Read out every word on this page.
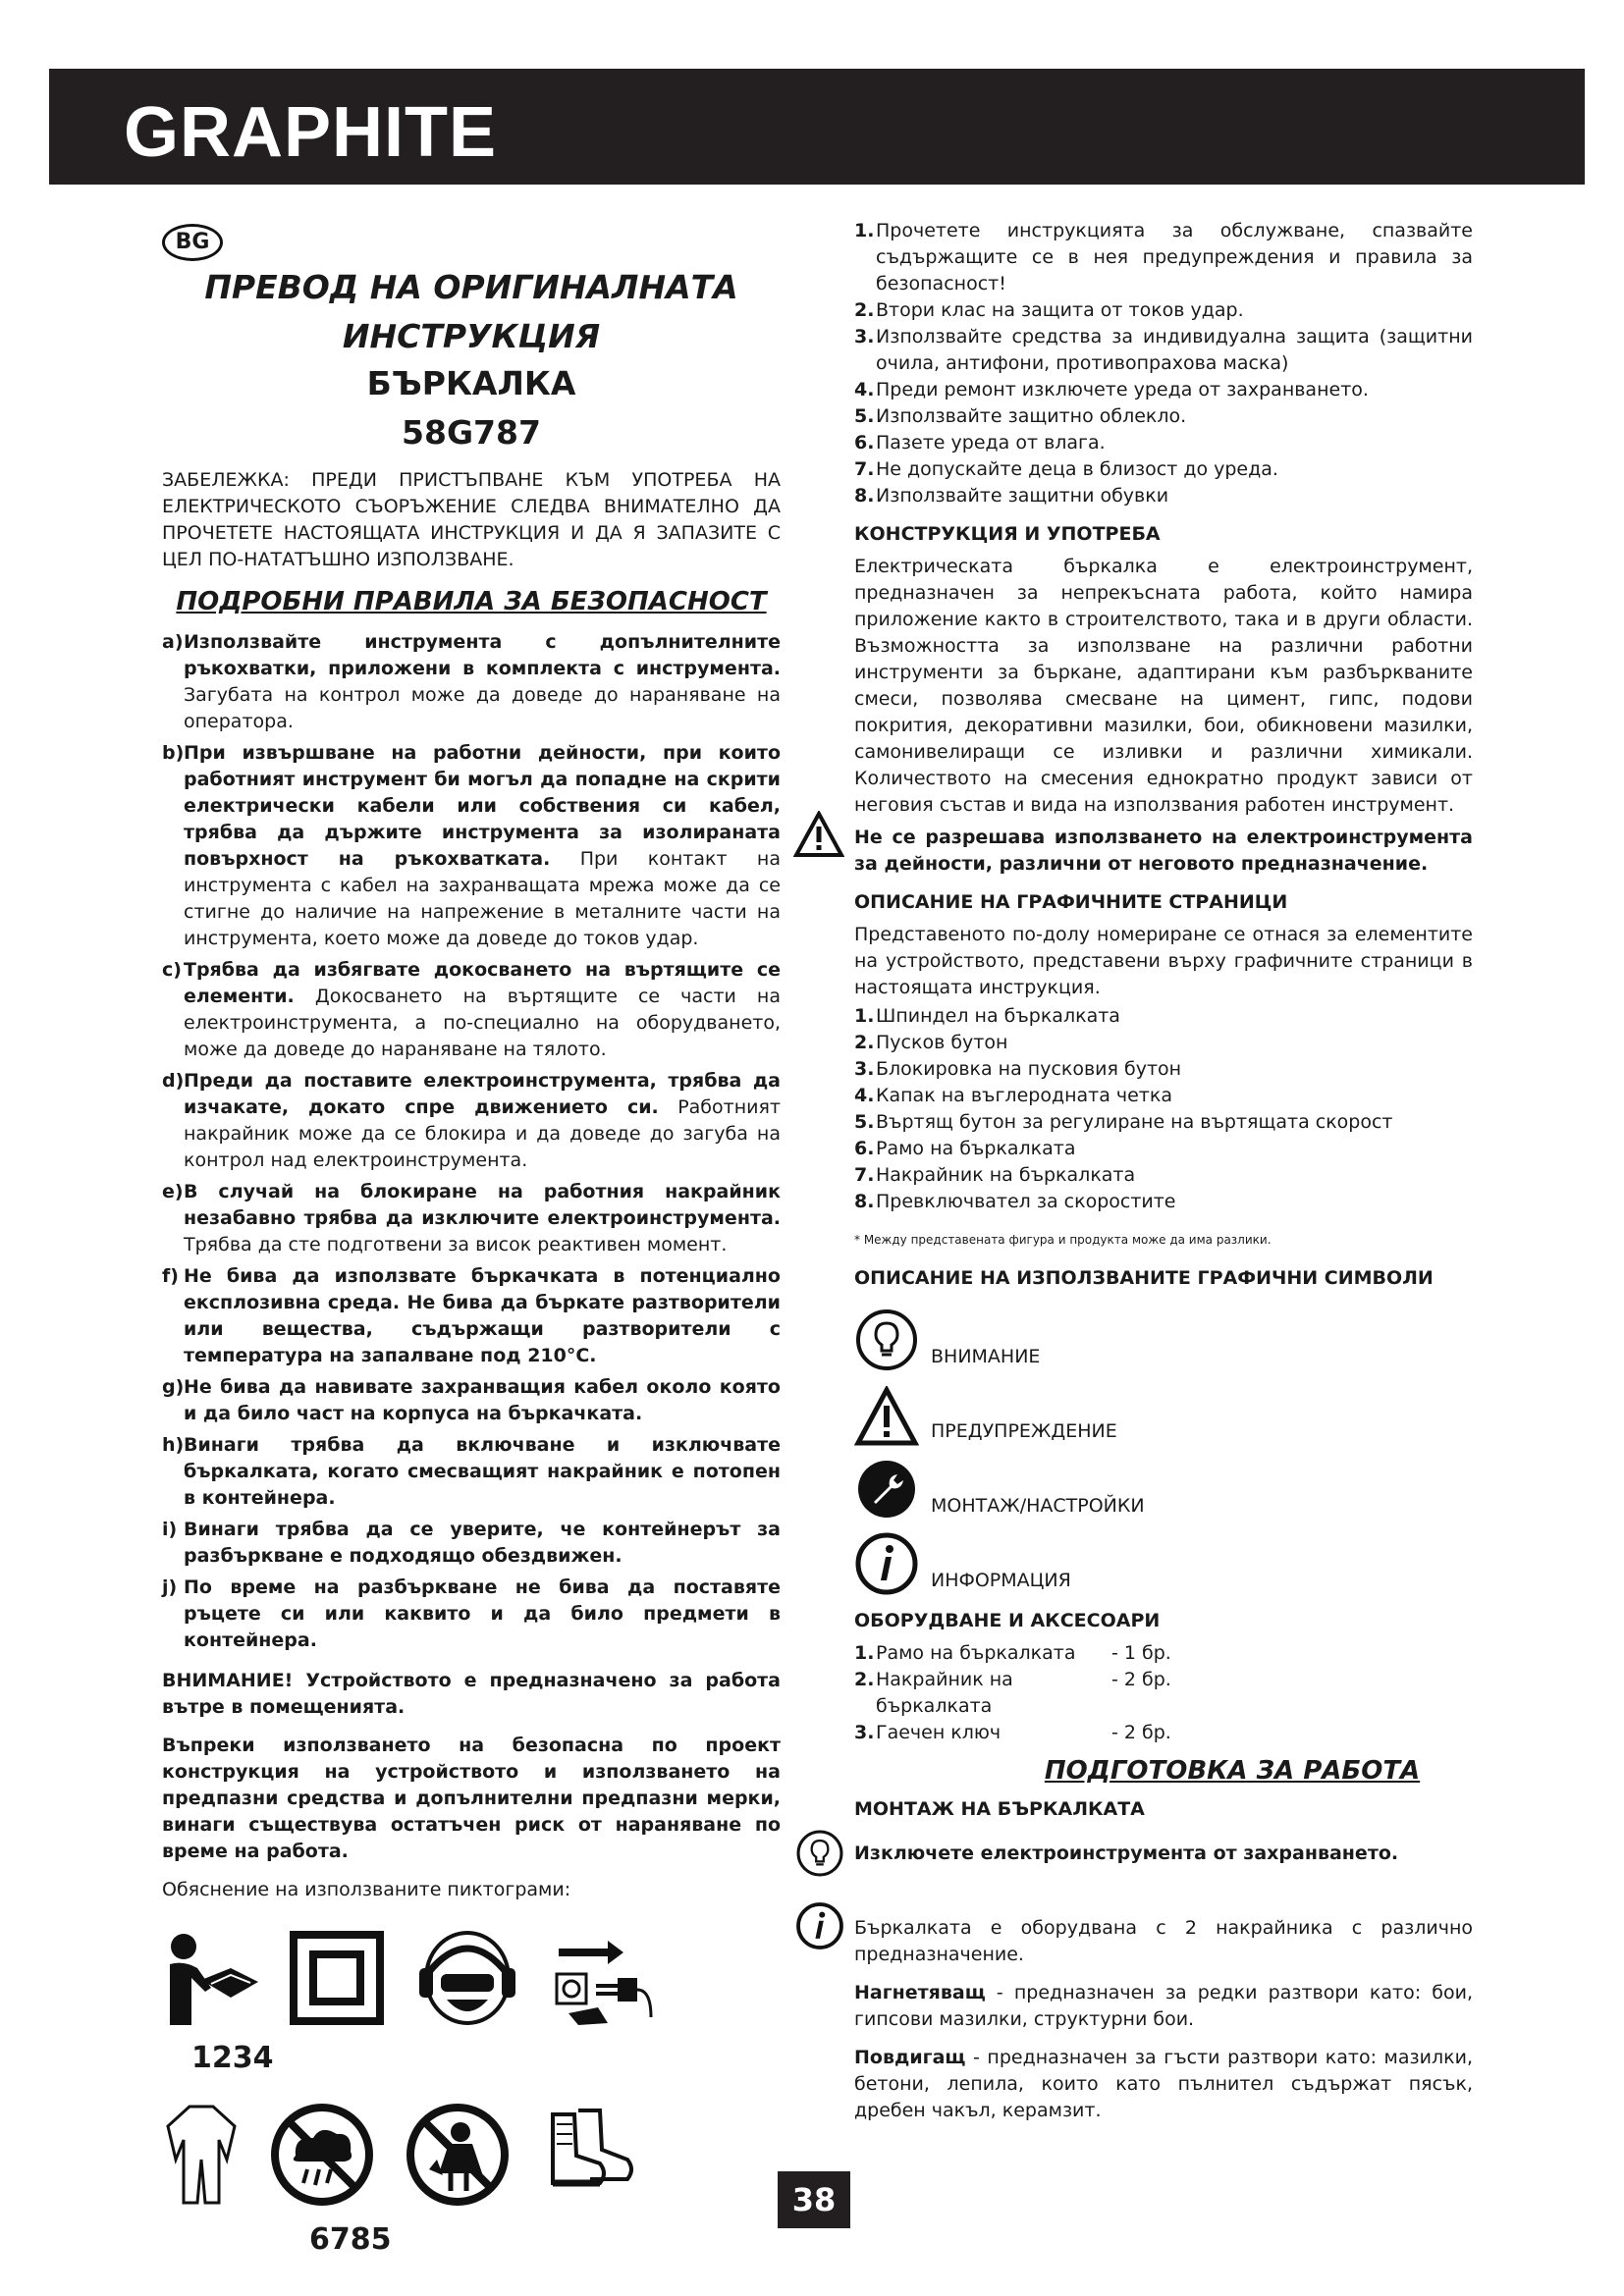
GRAPHITE
BG
ПРЕВОД НА ОРИГИНАЛНАТА
ИНСТРУКЦИЯ
БЪРКАЛКА
58G787
ЗАБЕЛЕЖКА: ПРЕДИ ПРИСТЪПВАНЕ КЪМ УПОТРЕБА НА ЕЛЕКТРИЧЕСКОТО СЪОРЪЖЕНИЕ СЛЕДВА ВНИМАТЕЛНО ДА ПРОЧЕТЕТЕ НАСТОЯЩАТА ИНСТРУКЦИЯ И ДА Я ЗАПАЗИТЕ С ЦЕЛ ПО-НАТАТЪШНО ИЗПОЛЗВАНЕ.
ПОДРОБНИ ПРАВИЛА ЗА БЕЗОПАСНОСТ
a) Използвайте инструмента с допълнителните ръкохватки, приложени в комплекта с инструмента. Загубата на контрол може да доведе до нараняване на оператора.
b) При извършване на работни дейности, при които работният инструмент би могъл да попадне на скрити електрически кабели или собствения си кабел, трябва да държите инструмента за изолираната повърхност на ръкохватката. При контакт на инструмента с кабел на захранващата мрежа може да се стигне до наличие на напрежение в металните части на инструмента, което може да доведе до токов удар.
c) Трябва да избягвате докосването на въртящите се елементи. Докосването на въртящите се части на електроинструмента, а по-специално на оборудването, може да доведе до нараняване на тялото.
d) Преди да поставите електроинструмента, трябва да изчакате, докато спре движението си. Работният накрайник може да се блокира и да доведе до загуба на контрол над електроинструмента.
e) В случай на блокиране на работния накрайник незабавно трябва да изключите електроинструмента. Трябва да сте подготвени за висок реактивен момент.
f) Не бива да използвате бъркачката в потенциално експлозивна среда. Не бива да бъркате разтворители или вещества, съдържащи разтворители с температура на запалване под 210°C.
g) Не бива да навивате захранващия кабел около която и да било част на корпуса на бъркачката.
h) Винаги трябва да включване и изключвате бъркалката, когато смесващият накрайник е потопен в контейнера.
i) Винаги трябва да се уверите, че контейнерът за разбъркване е подходящо обездвижен.
j) По време на разбъркване не бива да поставяте ръцете си или каквито и да било предмети в контейнера.
ВНИМАНИЕ! Устройството е предназначено за работа вътре в помещенията.
Въпреки използването на безопасна по проект конструкция на устройството и използването на предпазни средства и допълнителни предпазни мерки, винаги съществува остатъчен риск от нараняване по време на работа.
Обяснение на използваните пиктограми:
1234
6785
1. Прочетете инструкцията за обслужване, спазвайте съдържащите се в нея предупреждения и правила за безопасност!
2. Втори клас на защита от токов удар.
3. Използвайте средства за индивидуална защита (защитни очила, антифони, противопрахова маска)
4. Преди ремонт изключете уреда от захранването.
5. Използвайте защитно облекло.
6. Пазете уреда от влага.
7. Не допускайте деца в близост до уреда.
8. Използвайте защитни обувки
КОНСТРУКЦИЯ И УПОТРЕБА
Електрическата бъркалка е електроинструмент, предназначен за непрекъсната работа, който намира приложение както в строителството, така и в други области. Възможността за използване на различни работни инструменти за бъркане, адаптирани към разбъркваните смеси, позволява смесване на цимент, гипс, подови покрития, декоративни мазилки, бои, обикновени мазилки, самонивелиращи се изливки и различни химикали. Количеството на смесения еднократно продукт зависи от неговия състав и вида на използвания работен инструмент.
Не се разрешава използването на електроинструмента за дейности, различни от неговото предназначение.
ОПИСАНИЕ НА ГРАФИЧНИТЕ СТРАНИЦИ
Представеното по-долу номериране се отнася за елементите на устройството, представени върху графичните страници в настоящата инструкция.
1. Шпиндел на бъркалката
2. Пусков бутон
3. Блокировка на пусковия бутон
4. Капак на въглеродната четка
5. Въртящ бутон за регулиране на въртящата скорост
6. Рамо на бъркалката
7. Накрайник на бъркалката
8. Превключвател за скоростите
* Между представената фигура и продукта може да има разлики.
ОПИСАНИЕ НА ИЗПОЛЗВАНИТЕ ГРАФИЧНИ СИМВОЛИ
ВНИМАНИЕ
ПРЕДУПРЕЖДЕНИЕ
МОНТАЖ/НАСТРОЙКИ
ИНФОРМАЦИЯ
ОБОРУДВАНЕ И АКСЕСОАРИ
1. Рамо на бъркалката	- 1 бр.
2. Накрайник на бъркалката
- 2 бр.
3. Гаечен ключ	- 2 бр.
ПОДГОТОВКА ЗА РАБОТА
МОНТАЖ НА БЪРКАЛКАТА
Изключете електроинструмента от захранването.
Бъркалката е оборудвана с 2 накрайника с различно предназначение.
Нагнетяващ - предназначен за редки разтвори като: бои, гипсови мазилки, структурни бои.
Повдигащ - предназначен за гъсти разтвори като: мазилки, бетони, лепила, които като пълнител съдържат пясък, дребен чакъл, керамзит.
38
